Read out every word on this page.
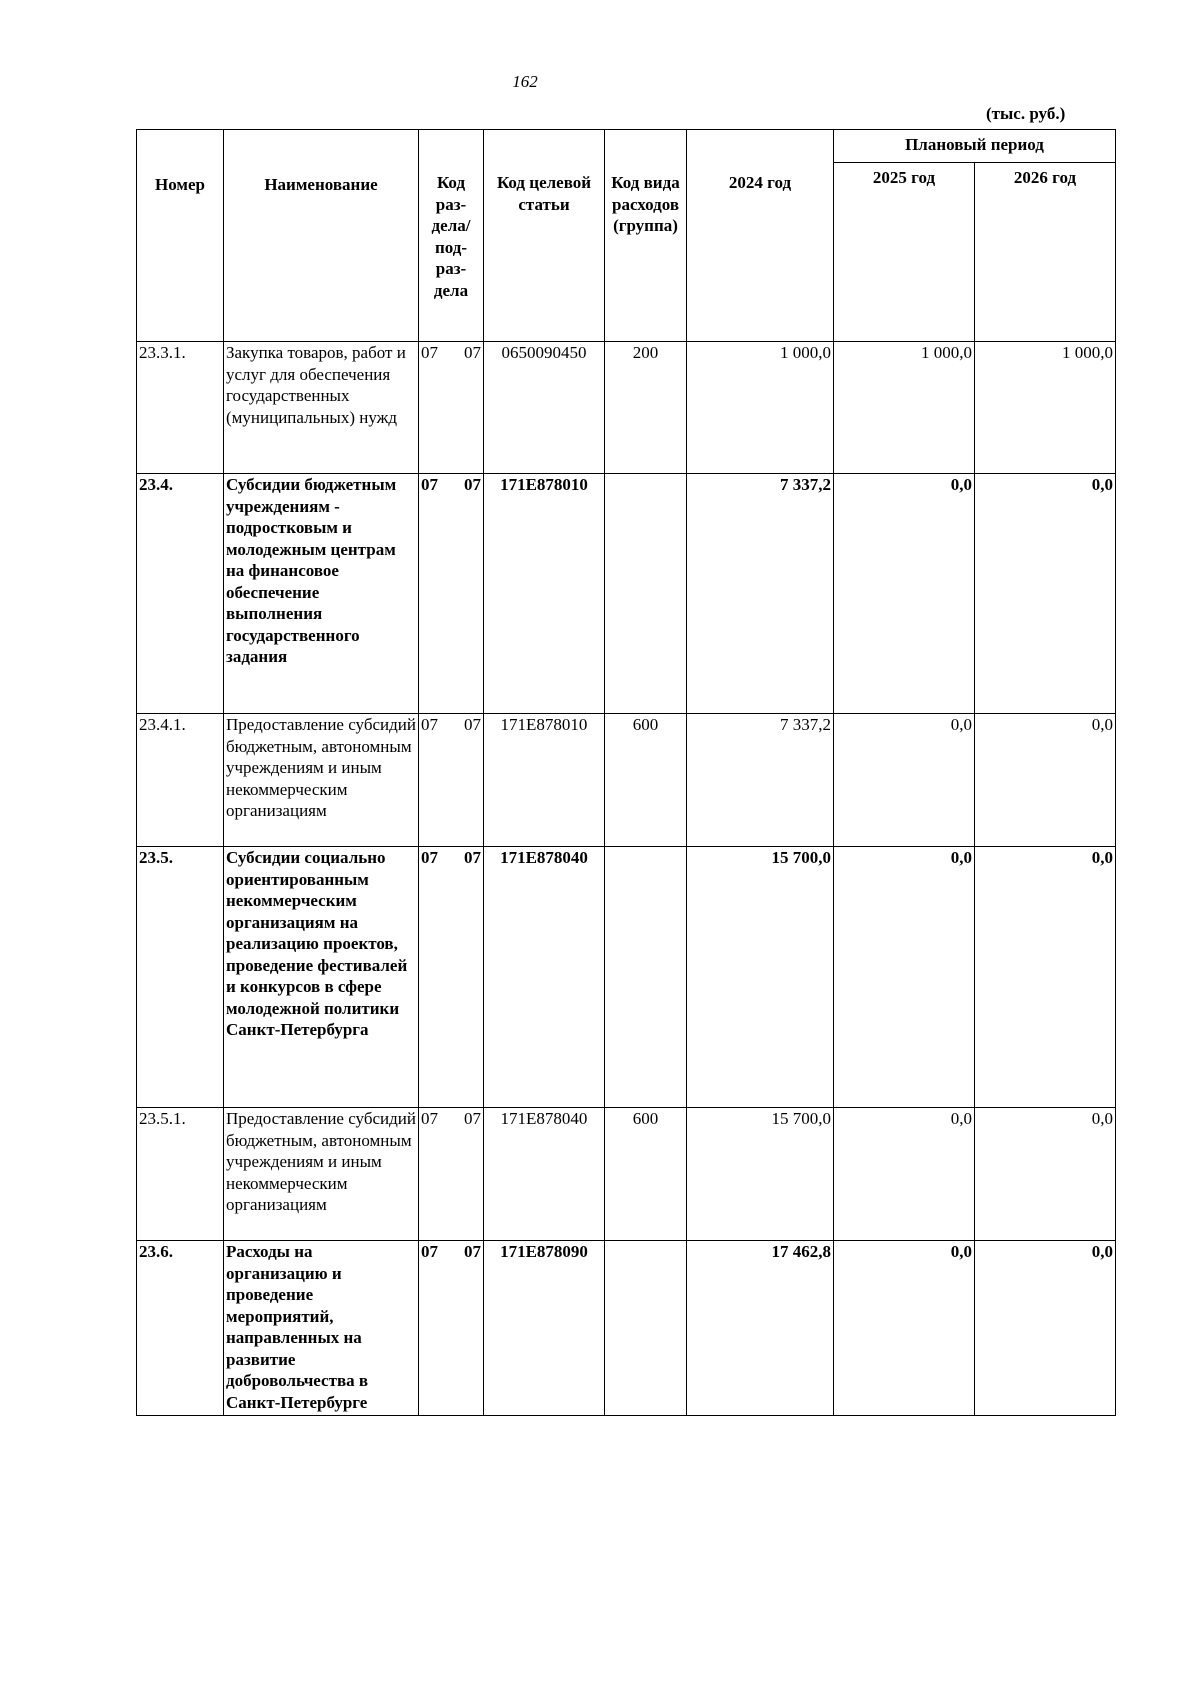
162
(тыс. руб.)
Номер	Наименование	Код раз-дела/ под-раз-дела	Код целевой статьи	Код вида расходов (группа)	2024 год	Плановый период	
						2025 год	2026 год
23.3.1.	Закупка товаров, работ и услуг для обеспечения государственных (муниципальных) нужд	07 07	0650090450	200	1 000,0	1 000,0	1 000,0
23.4.	Субсидии бюджетным учреждениям - подростковым и молодежным центрам на финансовое обеспечение выполнения государственного задания	07 07	171E878010		7 337,2	0,0	0,0
23.4.1.	Предоставление субсидий бюджетным, автономным учреждениям и иным некоммерческим организациям	07 07	171E878010	600	7 337,2	0,0	0,0
23.5.	Субсидии социально ориентированным некоммерческим организациям на реализацию проектов, проведение фестивалей и конкурсов в сфере молодежной политики Санкт-Петербурга	07 07	171E878040		15 700,0	0,0	0,0
23.5.1.	Предоставление субсидий бюджетным, автономным учреждениям и иным некоммерческим организациям	07 07	171E878040	600	15 700,0	0,0	0,0
23.6.	Расходы на организацию и проведение мероприятий, направленных на развитие добровольчества в Санкт-Петербурге	07 07	171E878090		17 462,8	0,0	0,0
